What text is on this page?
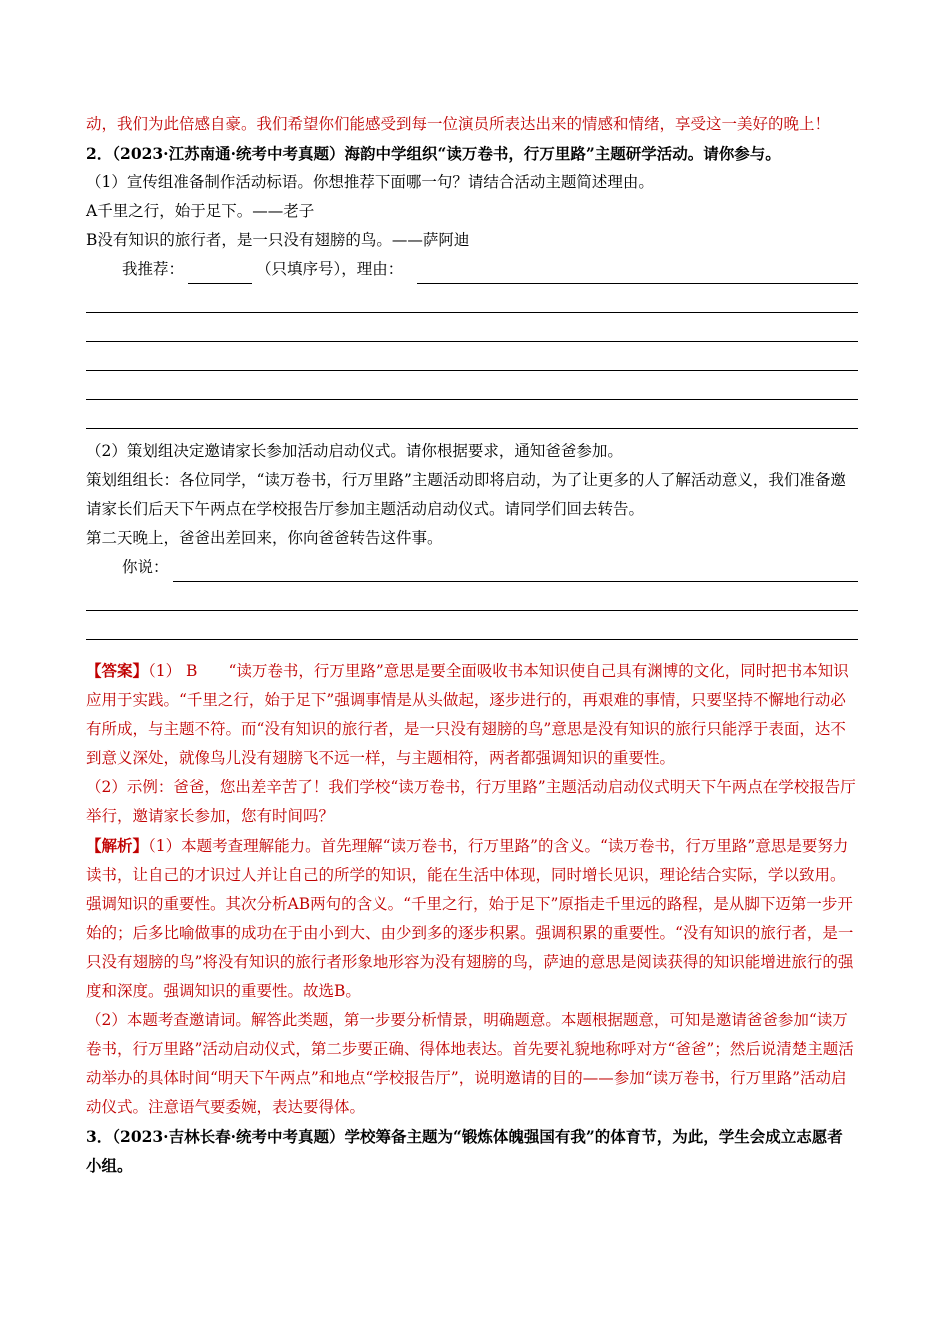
动，我们为此倍感自豪。我们希望你们能感受到每一位演员所表达出来的情感和情绪，享受这一美好的晚上！

2．（2023·江苏南通·统考中考真题）海韵中学组织“读万卷书，行万里路”主题研学活动。请你参与。

（1）宣传组准备制作活动标语。你想推荐下面哪一句？请结合活动主题简述理由。

A千里之行，始于足下。——老子

B没有知识的旅行者，是一只没有翅膀的鸟。——萨阿迪

我推荐：	（只填序号），理由：

（2）策划组决定邀请家长参加活动启动仪式。请你根据要求，通知爸爸参加。

策划组组长：各位同学，“读万卷书，行万里路”主题活动即将启动，为了让更多的人了解活动意义，我们准备邀请家长们后天下午两点在学校报告厅参加主题活动启动仪式。请同学们回去转告。

第二天晚上，爸爸出差回来，你向爸爸转告这件事。

你说：

【答案】（1） B　　“读万卷书，行万里路”意思是要全面吸收书本知识使自己具有渊博的文化，同时把书本知识应用于实践。“千里之行，始于足下”强调事情是从头做起，逐步进行的，再艰难的事情，只要坚持不懈地行动必有所成，与主题不符。而“没有知识的旅行者，是一只没有翅膀的鸟”意思是没有知识的旅行只能浮于表面，达不到意义深处，就像鸟儿没有翅膀飞不远一样，与主题相符，两者都强调知识的重要性。

（2）示例：爸爸，您出差辛苦了！我们学校“读万卷书，行万里路”主题活动启动仪式明天下午两点在学校报告厅举行，邀请家长参加，您有时间吗？

【解析】（1）本题考查理解能力。首先理解“读万卷书，行万里路”的含义。“读万卷书，行万里路”意思是要努力读书，让自己的才识过人并让自己的所学的知识，能在生活中体现，同时增长见识，理论结合实际，学以致用。强调知识的重要性。其次分析AB两句的含义。“千里之行，始于足下”原指走千里远的路程，是从脚下迈第一步开始的；后多比喻做事的成功在于由小到大、由少到多的逐步积累。强调积累的重要性。“没有知识的旅行者，是一只没有翅膀的鸟”将没有知识的旅行者形象地形容为没有翅膀的鸟，萨迪的意思是阅读获得的知识能增进旅行的强度和深度。强调知识的重要性。故选B。

（2）本题考查邀请词。解答此类题，第一步要分析情景，明确题意。本题根据题意，可知是邀请爸爸参加“读万卷书，行万里路”活动启动仪式，第二步要正确、得体地表达。首先要礼貌地称呼对方“爸爸”；然后说清楚主题活动举办的具体时间“明天下午两点”和地点“学校报告厅”，说明邀请的目的——参加“读万卷书，行万里路”活动启动仪式。注意语气要委婉，表达要得体。

3．（2023·吉林长春·统考中考真题）学校筹备主题为“锻炼体魄强国有我”的体育节，为此，学生会成立志愿者小组。
